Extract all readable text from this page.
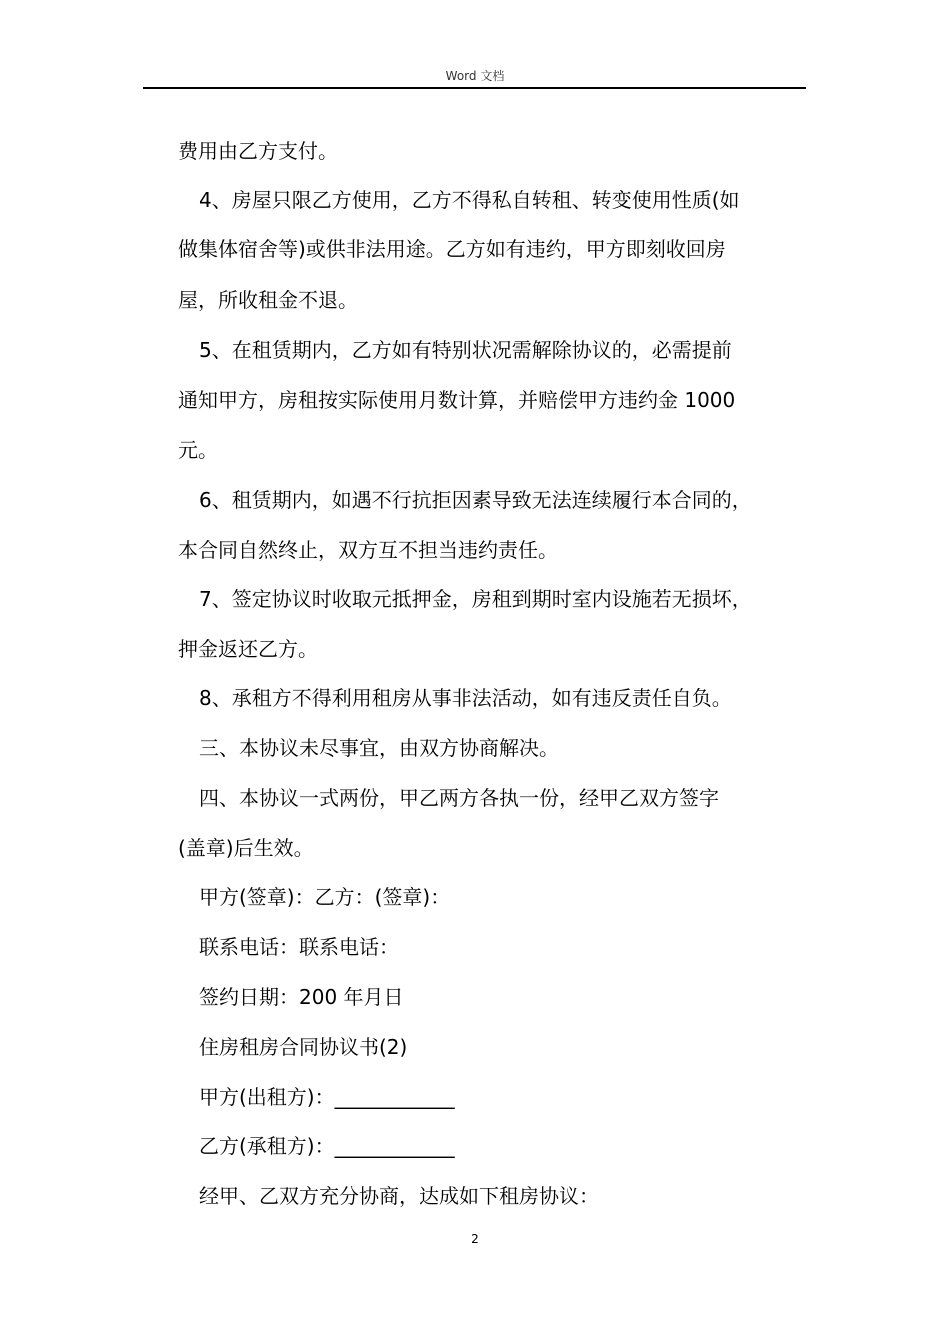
Word 文档
费用由乙方支付。
4、房屋只限乙方使用，乙方不得私自转租、转变使用性质(如
做集体宿舍等)或供非法用途。乙方如有违约，甲方即刻收回房
屋，所收租金不退。
5、在租赁期内，乙方如有特别状况需解除协议的，必需提前
通知甲方，房租按实际使用月数计算，并赔偿甲方违约金 1000
元。
6、租赁期内，如遇不行抗拒因素导致无法连续履行本合同的，
本合同自然终止，双方互不担当违约责任。
7、签定协议时收取元抵押金，房租到期时室内设施若无损坏，
押金返还乙方。
8、承租方不得利用租房从事非法活动，如有违反责任自负。
三、本协议未尽事宜，由双方协商解决。
四、本协议一式两份，甲乙两方各执一份，经甲乙双方签字
(盖章)后生效。
甲方(签章)：乙方：(签章)：
联系电话：联系电话：
签约日期：200 年月日
住房租房合同协议书(2)
甲方(出租方)：____________
乙方(承租方)：____________
经甲、乙双方充分协商，达成如下租房协议：
2
